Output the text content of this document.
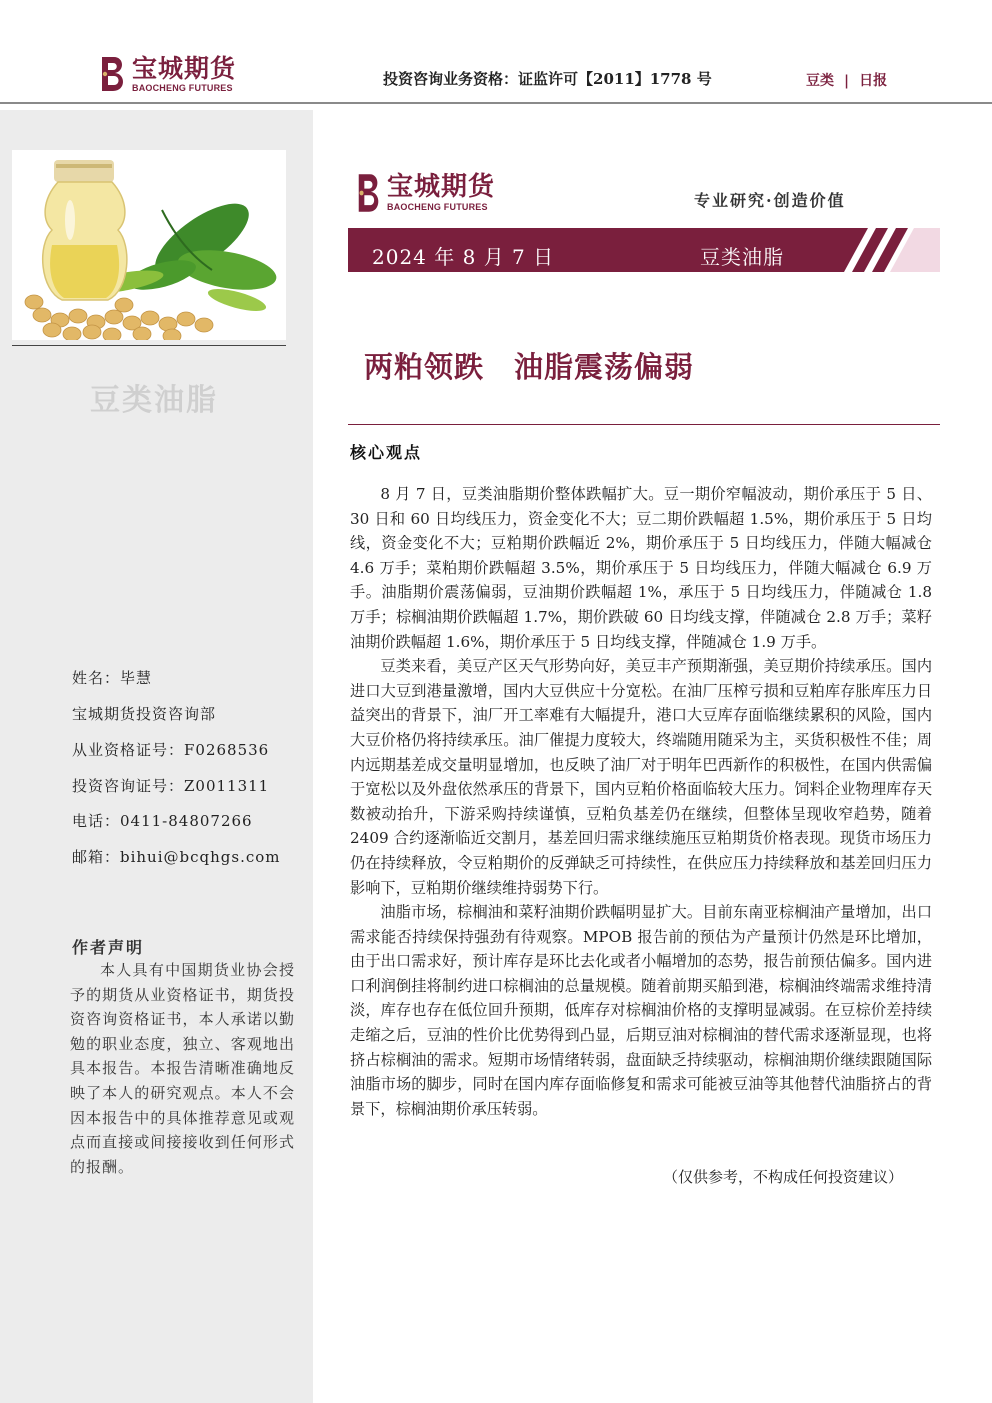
宝城期货
BAOCHENG FUTURES	投资咨询业务资格：证监许可【2011】1778 号	豆类 | 日报
豆类油脂
姓名：毕慧
宝城期货投资咨询部
从业资格证号：F0268536
投资咨询证号：Z0011311
电话：0411-84807266
邮箱：bihui@bcqhgs.com
作者声明
本人具有中国期货业协会授予的期货从业资格证书，期货投资咨询资格证书，本人承诺以勤勉的职业态度，独立、客观地出具本报告。本报告清晰准确地反映了本人的研究观点。本人不会因本报告中的具体推荐意见或观点而直接或间接接收到任何形式的报酬。
宝城期货
BAOCHENG FUTURES	专业研究·创造价值
2024 年 8 月 7 日	豆类油脂
两粕领跌 油脂震荡偏弱
核心观点

8 月 7 日，豆类油脂期价整体跌幅扩大。豆一期价窄幅波动，期价承压于 5 日、30 日和 60 日均线压力，资金变化不大；豆二期价跌幅超 1.5%，期价承压于 5 日均线，资金变化不大；豆粕期价跌幅近 2%，期价承压于 5 日均线压力，伴随大幅减仓 4.6 万手；菜粕期价跌幅超 3.5%，期价承压于 5 日均线压力，伴随大幅减仓 6.9 万手。油脂期价震荡偏弱，豆油期价跌幅超 1%，承压于 5 日均线压力，伴随减仓 1.8 万手；棕榈油期价跌幅超 1.7%，期价跌破 60 日均线支撑，伴随减仓 2.8 万手；菜籽油期价跌幅超 1.6%，期价承压于 5 日均线支撑，伴随减仓 1.9 万手。

豆类来看，美豆产区天气形势向好，美豆丰产预期渐强，美豆期价持续承压。国内进口大豆到港量激增，国内大豆供应十分宽松。在油厂压榨亏损和豆粕库存胀库压力日益突出的背景下，油厂开工率难有大幅提升，港口大豆库存面临继续累积的风险，国内大豆价格仍将持续承压。油厂催提力度较大，终端随用随采为主，买货积极性不佳；周内远期基差成交量明显增加，也反映了油厂对于明年巴西新作的积极性，在国内供需偏于宽松以及外盘依然承压的背景下，国内豆粕价格面临较大压力。饲料企业物理库存天数被动抬升，下游采购持续谨慎，豆粕负基差仍在继续，但整体呈现收窄趋势，随着 2409 合约逐渐临近交割月，基差回归需求继续施压豆粕期货价格表现。现货市场压力仍在持续释放，令豆粕期价的反弹缺乏可持续性，在供应压力持续释放和基差回归压力影响下，豆粕期价继续维持弱势下行。

油脂市场，棕榈油和菜籽油期价跌幅明显扩大。目前东南亚棕榈油产量增加，出口需求能否持续保持强劲有待观察。MPOB 报告前的预估为产量预计仍然是环比增加，由于出口需求好，预计库存是环比去化或者小幅增加的态势，报告前预估偏多。国内进口利润倒挂将制约进口棕榈油的总量规模。随着前期买船到港，棕榈油终端需求维持清淡，库存也存在低位回升预期，低库存对棕榈油价格的支撑明显减弱。在豆棕价差持续走缩之后，豆油的性价比优势得到凸显，后期豆油对棕榈油的替代需求逐渐显现，也将挤占棕榈油的需求。短期市场情绪转弱，盘面缺乏持续驱动，棕榈油期价继续跟随国际油脂市场的脚步，同时在国内库存面临修复和需求可能被豆油等其他替代油脂挤占的背景下，棕榈油期价承压转弱。

（仅供参考，不构成任何投资建议）
